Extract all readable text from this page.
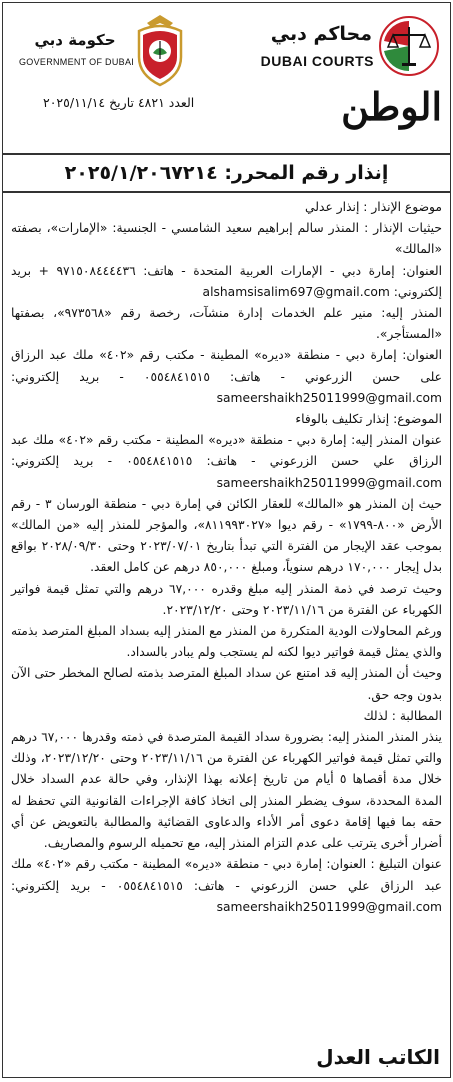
محاكم دبي
DUBAI COURTS
حكومة دبي
GOVERNMENT OF DUBAI
الوطن
العدد ٤٨٢١ تاريخ ٢٠٢٥/١١/١٤
إنذار رقم المحرر: ٢٠٢٥/١/٢٠٦٧٢١٤

موضوع الإنذار : إنذار عدلي

حيثيات الإنذار : المنذر سالم إبراهيم سعيد الشامسي - الجنسية: «الإمارات»، بصفته «المالك»

العنوان: إمارة دبي - الإمارات العربية المتحدة - هاتف: ٩٧١٥٠٨٤٤٤٤٣٦ + بريد إلكتروني: alshamsisalim697@gmail.com

المنذر إليه: منير علم الخدمات إدارة منشآت، رخصة رقم «٩٧٣٥٦٨»، بصفتها «المستأجر».

العنوان: إمارة دبي - منطقة «ديره» المطينة - مكتب رقم «٤٠٢» ملك عبد الرزاق على حسن الزرعوني - هاتف: ٠٥٥٤٨٤١٥١٥ - بريد إلكتروني: sameershaikh25011999@gmail.com

الموضوع: إنذار تكليف بالوفاء

عنوان المنذر إليه: إمارة دبي - منطقة «ديره» المطينة - مكتب رقم «٤٠٢» ملك عبد الرزاق علي حسن الزرعوني - هاتف: ٠٥٥٤٨٤١٥١٥ - بريد إلكتروني: sameershaikh25011999@gmail.com

حيث إن المنذر هو «المالك» للعقار الكائن في إمارة دبي - منطقة الورسان ٣ - رقم الأرض «٨٠٠-١٧٩٩» - رقم ديوا «٨١١٩٩٣٠٢٧»، والمؤجر للمنذر إليه «من المالك» بموجب عقد الإيجار من الفترة التي تبدأ بتاريخ ٢٠٢٣/٠٧/٠١ وحتى ٢٠٢٨/٠٩/٣٠ بواقع بدل إيجار ١٧٠,٠٠٠ درهم سنوياً، ومبلغ ٨٥٠,٠٠٠ درهم عن كامل العقد.

وحيث ترصد في ذمة المنذر إليه مبلغ وقدره ٦٧,٠٠٠ درهم والتي تمثل قيمة فواتير الكهرباء عن الفترة من ٢٠٢٣/١١/١٦ وحتى ٢٠٢٣/١٢/٢٠.

ورغم المحاولات الودية المتكررة من المنذر مع المنذر إليه بسداد المبلغ المترصد بذمته والذي يمثل قيمة فواتير ديوا لكنه لم يستجب ولم يبادر بالسداد.

وحيث أن المنذر إليه قد امتنع عن سداد المبلغ المترصد بذمته لصالح المخطر حتى الآن بدون وجه حق.

المطالبة : لذلك

ينذر المنذر المنذر إليه: بضرورة سداد القيمة المترصدة في ذمته وقدرها ٦٧,٠٠٠ درهم والتي تمثل قيمة فواتير الكهرباء عن الفترة من ٢٠٢٣/١١/١٦ وحتى ٢٠٢٣/١٢/٢٠، وذلك خلال مدة أقصاها ٥ أيام من تاريخ إعلانه بهذا الإنذار، وفي حالة عدم السداد خلال المدة المحددة، سوف يضطر المنذر إلى اتخاذ كافة الإجراءات القانونية التي تحفظ له حقه بما فيها إقامة دعوى أمر الأداء والدعاوى القضائية والمطالبة بالتعويض عن أي أضرار أخرى يترتب على عدم التزام المنذر إليه، مع تحميله الرسوم والمصاريف.

عنوان التبليغ : العنوان: إمارة دبي - منطقة «ديره» المطينة - مكتب رقم «٤٠٢» ملك عبد الرزاق علي حسن الزرعوني - هاتف: ٠٥٥٤٨٤١٥١٥ - بريد إلكتروني: sameershaikh25011999@gmail.com

الكاتب العدل
